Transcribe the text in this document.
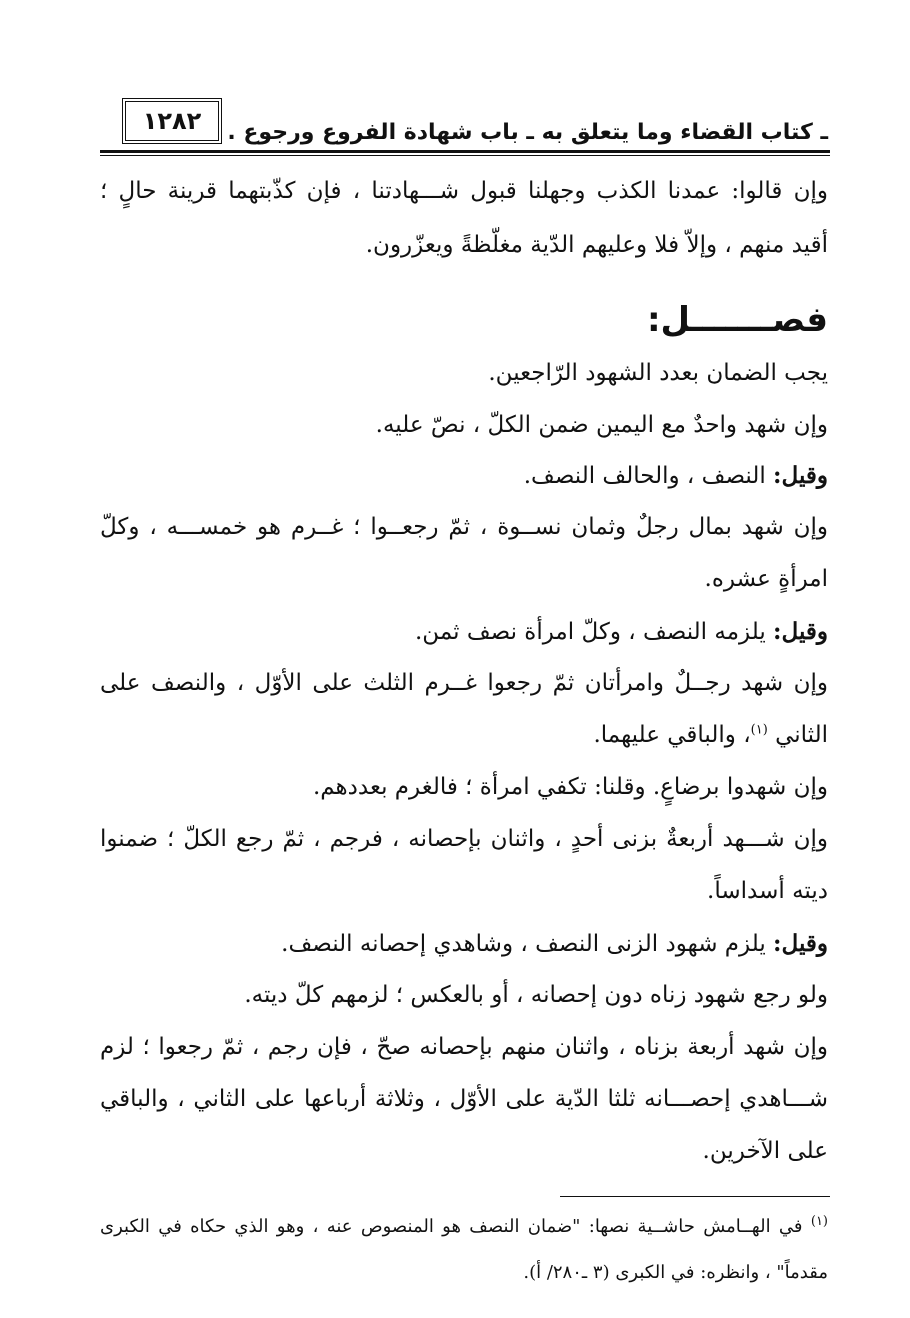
١٢٨٢	ـ كتاب القضاء وما يتعلق به ـ باب شهادة الفروع ورجوع .
وإن قالوا: عمدنا الكذب وجهلنا قبول شـــهادتنا ، فإن كذّبتهما قرينة حالٍ ؛
أقيد منهم ، وإلاّ فلا وعليهم الدّية مغلّظةً ويعزّرون.
فصـــــــل:
يجب الضمان بعدد الشهود الرّاجعين.
وإن شهد واحدٌ مع اليمين ضمن الكلّ ، نصّ عليه.
وقيل: النصف ، والحالف النصف.
وإن شهد بمال رجلٌ وثمان نســوة ، ثمّ رجعــوا ؛ غــرم هو خمســـه ، وكلّ
امرأةٍ عشره.
وقيل: يلزمه النصف ، وكلّ امرأة نصف ثمن.
وإن شهد رجــلٌ وامرأتان ثمّ رجعوا غــرم الثلث على الأوّل ، والنصف على
الثاني $^{(١)}$، والباقي عليهما.
وإن شهدوا برضاعٍ. وقلنا: تكفي امرأة ؛ فالغرم بعددهم.
وإن شـــهد أربعةٌ بزنى أحدٍ ، واثنان بإحصانه ، فرجم ، ثمّ رجع الكلّ ؛ ضمنوا
ديته أسداساً.
وقيل: يلزم شهود الزنى النصف ، وشاهدي إحصانه النصف.
ولو رجع شهود زناه دون إحصانه ، أو بالعكس ؛ لزمهم كلّ ديته.
وإن شهد أربعة بزناه ، واثنان منهم بإحصانه صحّ ، فإن رجم ، ثمّ رجعوا ؛ لزم
شـــاهدي إحصـــانه ثلثا الدّية على الأوّل ، وثلاثة أرباعها على الثاني ، والباقي
على الآخرين.
$^{(١)}$ في الهــامش حاشــية نصها: "ضمان النصف هو المنصوص عنه ، وهو الذي حكاه في الكبرى
مقدماً" ، وانظره: في الكبرى (٣ ـ٢٨٠/ أ).
